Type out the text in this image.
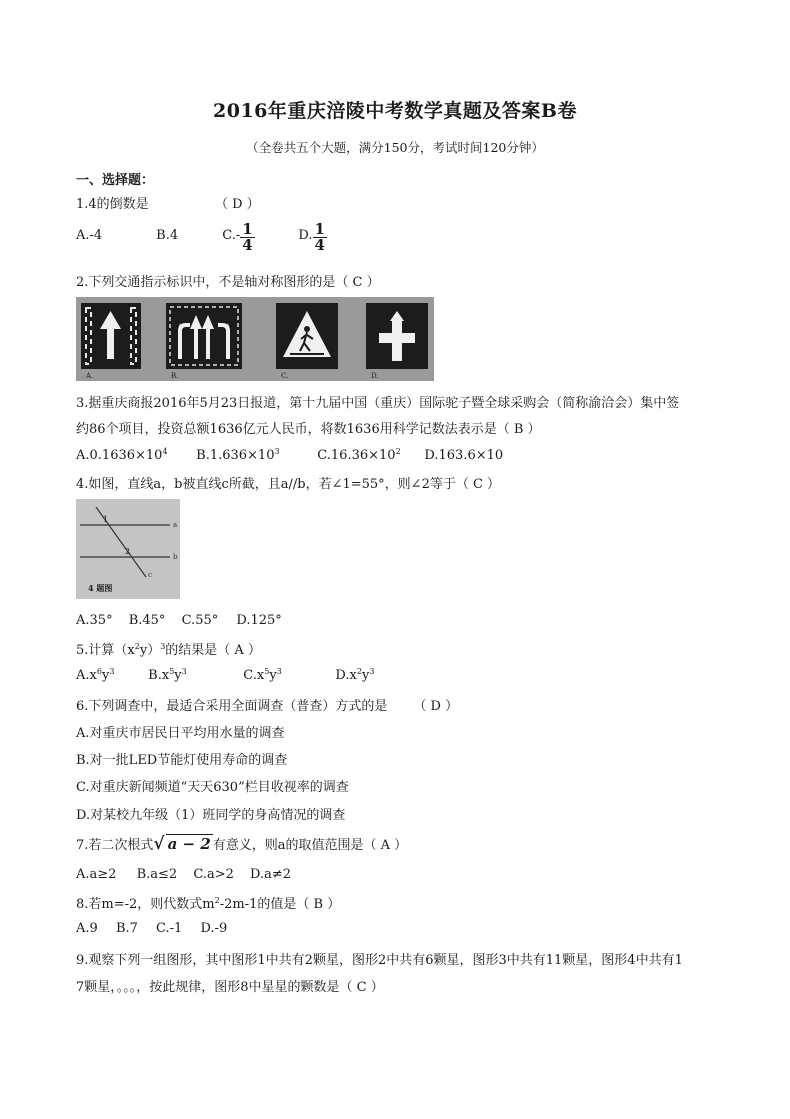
2016年重庆涪陵中考数学真题及答案B卷
（全卷共五个大题，满分150分，考试时间120分钟）
一、选择题：
1.4的倒数是	（ D ）
A.-4	B.4	$C.- \frac{1}{4}$	D. $\frac{1}{4}$
2.下列交通指示标识中，不是轴对称图形的是（ C ）
A.	B.	C.	D.
3.据重庆商报2016年5月23日报道，第十九届中国（重庆）国际驼子暨全球采购会（简称渝洽会）集中签
约86个项目，投资总额1636亿元人民币，将数1636用科学记数法表示是（ B ）
$A.0.1636\times 10^4$ $B.1.636\times 10^3$	$C.16.36\times 10^2$ D.163.6×10
4.如图，直线a，b被直线c所截，且a//b，若∠1=55°，则∠2等于（ C ）
a
b
c
1
2
4 题图
A.35° B.45° C.55° D.125°
5.计算$(x^2y)^3$的结果是（ A ）
$A.x^6y^3$	$B.x^5y^3$	$C.x^5y^3$	$D.x^2y^3$
6.下列调查中，最适合采用全面调查（普查）方式的是 （ D ）
A.对重庆市居民日平均用水量的调查
B.对一批LED节能灯使用寿命的调查
C.对重庆新闻频道“天天630”栏目收视率的调查
D.对某校九年级（1）班同学的身高情况的调查
7.若二次根式√ a − 2 有意义，则a的取值范围是（ A ）
A.a≥2 B.a≤2 C.a>2 D.a≠2
8.若m=-2，则代数式$m^2-2m-1$的值是（ B ）
A.9 B.7 C.-1 D.-9
9.观察下列一组图形，其中图形1中共有2颗星，图形2中共有6颗星，图形3中共有11颗星，图形4中共有1
7颗星，。。。，按此规律，图形8中星星的颗数是（ C ）
